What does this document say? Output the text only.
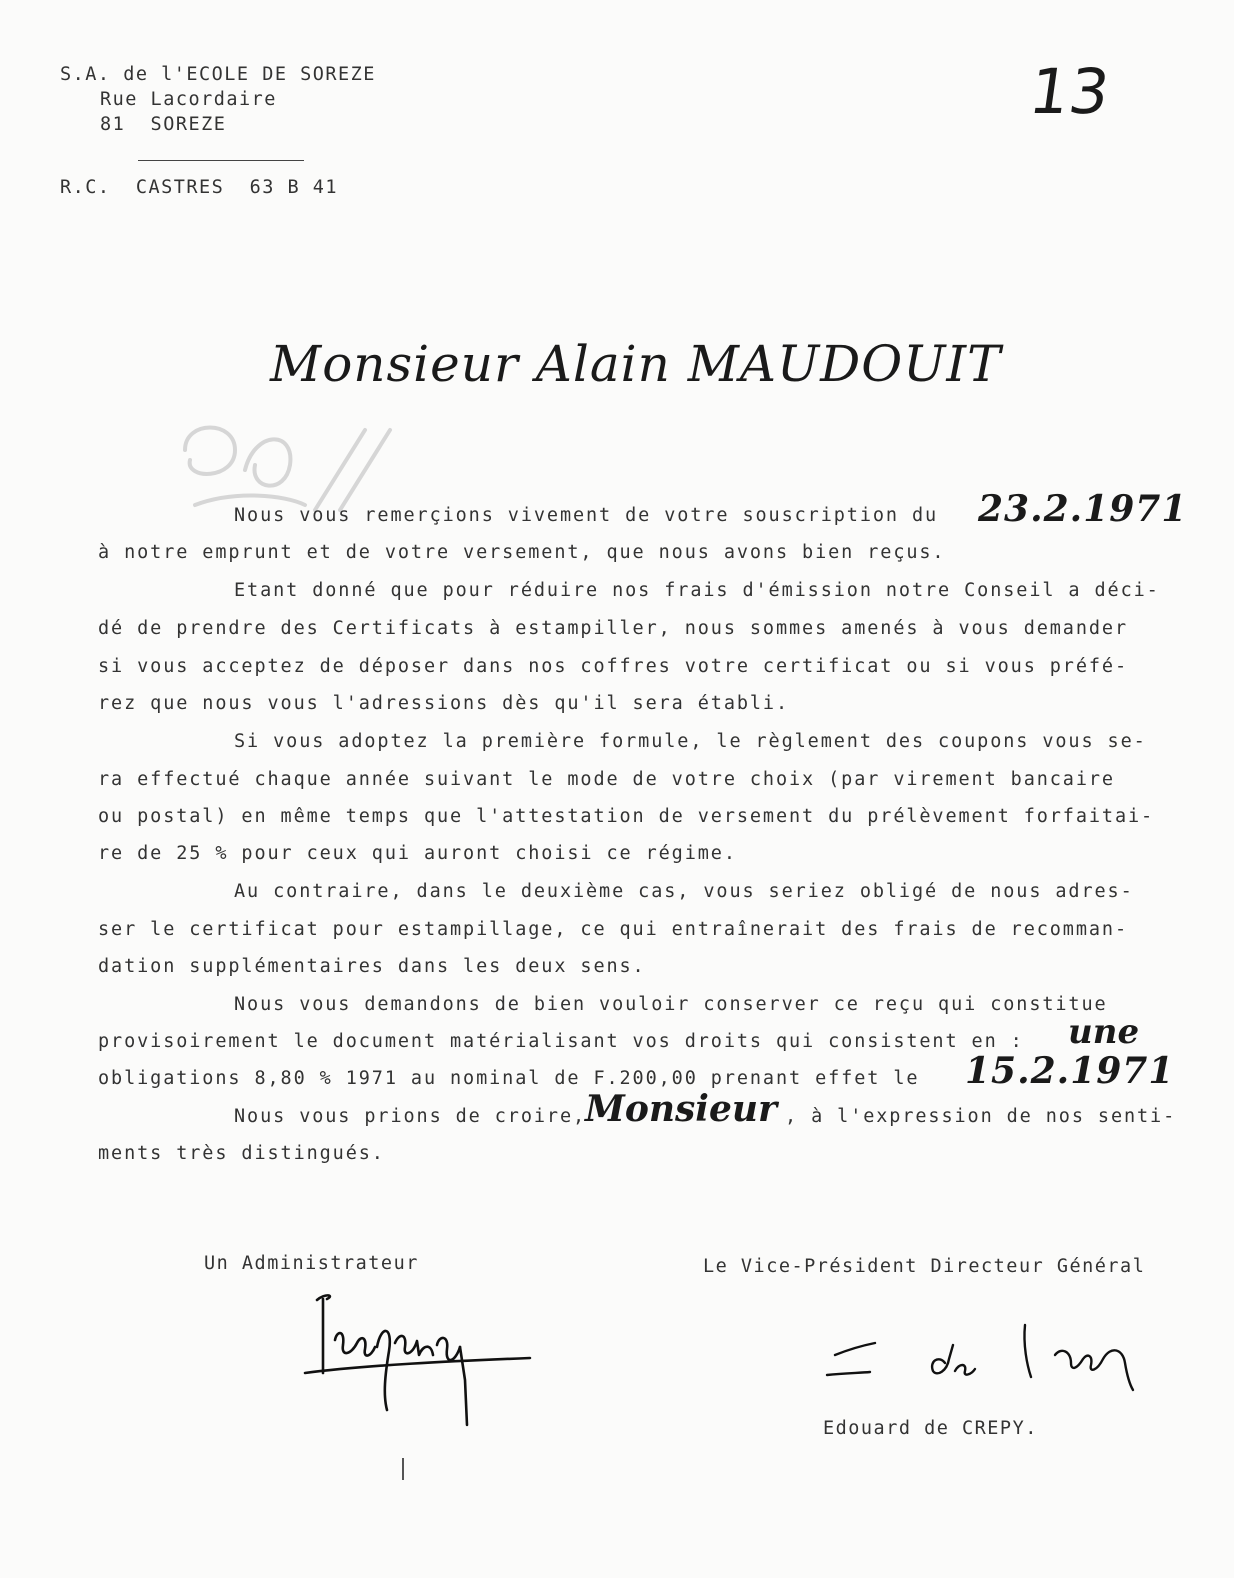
S.A. de l'ECOLE DE SOREZE
Rue Lacordaire
81  SOREZE
R.C.  CASTRES  63 B 41
13
Monsieur Alain MAUDOUIT
Nous vous remerçions vivement de votre souscription du	23.2.1971
à notre emprunt et de votre versement, que nous avons bien reçus.
Etant donné que pour réduire nos frais d'émission notre Conseil a déci-
dé de prendre des Certificats à estampiller, nous sommes amenés à vous demander
si vous acceptez de déposer dans nos coffres votre certificat ou si vous préfé-
rez que nous vous l'adressions dès qu'il sera établi.
Si vous adoptez la première formule, le règlement des coupons vous se-
ra effectué chaque année suivant le mode de votre choix (par virement bancaire
ou postal) en même temps que l'attestation de versement du prélèvement forfaitai-
re de 25 % pour ceux qui auront choisi ce régime.
Au contraire, dans le deuxième cas, vous seriez obligé de nous adres-
ser le certificat pour estampillage, ce qui entraînerait des frais de recomman-
dation supplémentaires dans les deux sens.
Nous vous demandons de bien vouloir conserver ce reçu qui constitue
provisoirement le document matérialisant vos droits qui consistent en :	une
obligations 8,80 % 1971 au nominal de F.200,00 prenant effet le	15.2.1971
Nous vous prions de croire,
Monsieur , à l'expression de nos senti-
ments très distingués.
Un Administrateur	Le Vice-Président Directeur Général
Edouard de CREPY.
